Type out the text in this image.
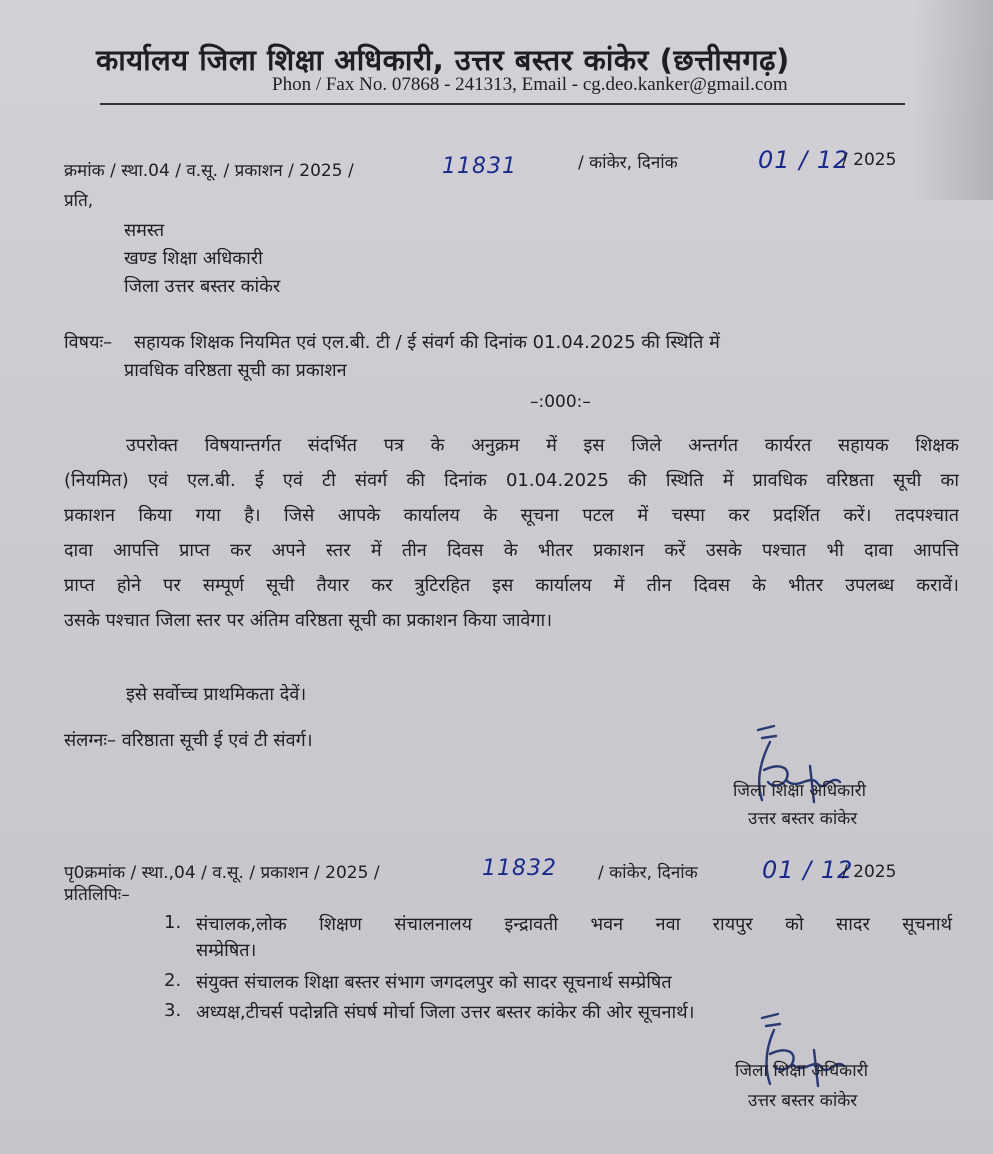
कार्यालय जिला शिक्षा अधिकारी, उत्तर बस्तर कांकेर (छत्तीसगढ़)
Phon / Fax No. 07868 - 241313, Email - cg.deo.kanker@gmail.com
क्रमांक / स्था.04 / व.सू. / प्रकाशन / 2025 /	11831	/ कांकेर, दिनांक	01 / 12
/ 2025
प्रति,
समस्त
खण्ड शिक्षा अधिकारी
जिला उत्तर बस्तर कांकेर
विषयः– सहायक शिक्षक नियमित एवं एल.बी. टी / ई संवर्ग की दिनांक 01.04.2025 की स्थिति में
प्रावधिक वरिष्ठता सूची का प्रकाशन
–:000:–
उपरोक्त विषयान्तर्गत संदर्भित पत्र के अनुक्रम में इस जिले अन्तर्गत कार्यरत सहायक शिक्षक
(नियमित) एवं एल.बी. ई एवं टी संवर्ग की दिनांक 01.04.2025 की स्थिति में प्रावधिक वरिष्ठता सूची का
प्रकाशन किया गया है। जिसे आपके कार्यालय के सूचना पटल में चस्पा कर प्रदर्शित करें। तदपश्चात
दावा आपत्ति प्राप्त कर अपने स्तर में तीन दिवस के भीतर प्रकाशन करें उसके पश्चात भी दावा आपत्ति
प्राप्त होने पर सम्पूर्ण सूची तैयार कर त्रुटिरहित इस कार्यालय में तीन दिवस के भीतर उपलब्ध करावें।
उसके पश्चात जिला स्तर पर अंतिम वरिष्ठता सूची का प्रकाशन किया जावेगा।
इसे सर्वोच्च प्राथमिकता देवें।
संलग्नः– वरिष्ठाता सूची ई एवं टी संवर्ग।
जिला शिक्षा अधिकारी
उत्तर बस्तर कांकेर
पृ0क्रमांक / स्था.,04 / व.सू. / प्रकाशन / 2025 /	11832 / कांकेर, दिनांक	01 / 12
/ 2025
प्रतिलिपिः–
1. संचालक,लोक शिक्षण संचालनालय इन्द्रावती भवन नवा रायपुर को सादर सूचनार्थ
सम्प्रेषित।
2. संयुक्त संचालक शिक्षा बस्तर संभाग जगदलपुर को सादर सूचनार्थ सम्प्रेषित
3. अध्यक्ष,टीचर्स पदोन्नति संघर्ष मोर्चा जिला उत्तर बस्तर कांकेर की ओर सूचनार्थ।
जिला शिक्षा अधिकारी
उत्तर बस्तर कांकेर
